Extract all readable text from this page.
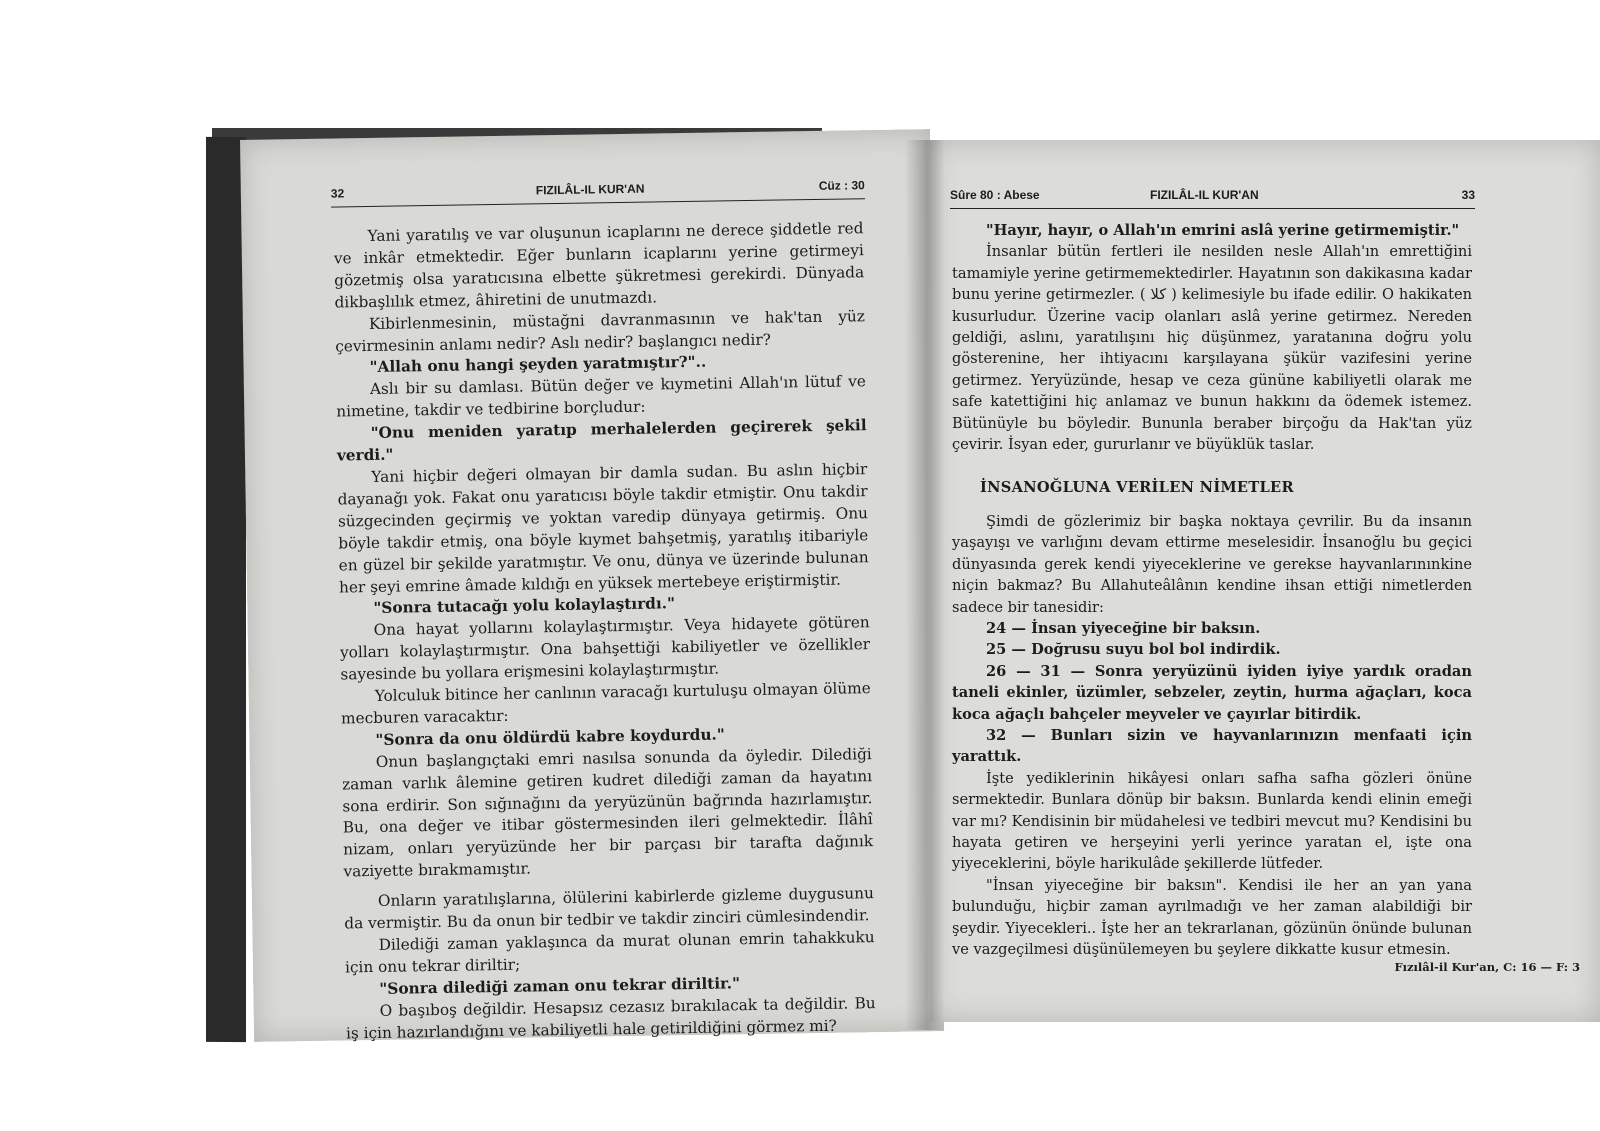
32	FIZILÂL-IL KUR'AN	Cüz : 30

Yani yaratılış ve var oluşunun icaplarını ne derece şiddetle red ve inkâr etmektedir. Eğer bunların icaplarını yerine getirmeyi gözetmiş olsa yaratıcısına elbette şükretmesi gerekirdi. Dünyada dikbaşlılık etmez, âhiretini de unutmazdı.

Kibirlenmesinin, müstağni davranmasının ve hak'tan yüz çevirmesinin anlamı nedir? Aslı nedir? başlangıcı nedir?

"Allah onu hangi şeyden yaratmıştır?"..

Aslı bir su damlası. Bütün değer ve kıymetini Allah'ın lütuf ve nimetine, takdir ve tedbirine borçludur:

"Onu meniden yaratıp merhalelerden geçirerek şekil verdi."

Yani hiçbir değeri olmayan bir damla sudan. Bu aslın hiçbir dayanağı yok. Fakat onu yaratıcısı böyle takdir etmiştir. Onu takdir süzgecinden geçirmiş ve yoktan varedip dünyaya getirmiş. Onu böyle takdir etmiş, ona böyle kıymet bahşetmiş, yaratılış itibariyle en güzel bir şekilde yaratmıştır. Ve onu, dünya ve üzerinde bulunan her şeyi emrine âmade kıldığı en yüksek mertebeye eriştirmiştir.

"Sonra tutacağı yolu kolaylaştırdı."

Ona hayat yollarını kolaylaştırmıştır. Veya hidayete götüren yolları kolaylaştırmıştır. Ona bahşettiği kabiliyetler ve özellikler sayesinde bu yollara erişmesini kolaylaştırmıştır.

Yolculuk bitince her canlının varacağı kurtuluşu olmayan ölüme mecburen varacaktır:

"Sonra da onu öldürdü kabre koydurdu."

Onun başlangıçtaki emri nasılsa sonunda da öyledir. Dilediği zaman varlık âlemine getiren kudret dilediği zaman da hayatını sona erdirir. Son sığınağını da yeryüzünün bağrında hazırlamıştır. Bu, ona değer ve itibar göstermesinden ileri gelmektedir. İlâhî nizam, onları yeryüzünde her bir parçası bir tarafta dağınık vaziyette bırakmamıştır.

Onların yaratılışlarına, ölülerini kabirlerde gizleme duygusunu da vermiştir. Bu da onun bir tedbir ve takdir zinciri cümlesindendir.

Dilediği zaman yaklaşınca da murat olunan emrin tahakkuku için onu tekrar diriltir;

"Sonra dilediği zaman onu tekrar diriltir."

O başıboş değildir. Hesapsız cezasız bırakılacak ta değildir. Bu iş için hazırlandığını ve kabiliyetli hale getirildiğini görmez mi?

Sûre 80 : Abese	FIZILÂL-IL KUR'AN	33

"Hayır, hayır, o Allah'ın emrini aslâ yerine getirmemiştir."

İnsanlar bütün fertleri ile nesilden nesle Allah'ın emrettiğini tamamiyle yerine getirmemektedirler. Hayatının son dakikasına kadar bunu yerine getirmezler. ( كلا ) kelimesiyle bu ifade edilir. O hakikaten kusurludur. Üzerine vacip olanları aslâ yerine getirmez. Nereden geldiği, aslını, yaratılışını hiç düşünmez, yaratanına doğru yolu gösterenine, her ihtiyacını karşılayana şükür vazifesini yerine getirmez. Yeryüzünde, hesap ve ceza gününe kabiliyetli olarak me safe katettiğini hiç anlamaz ve bunun hakkını da ödemek istemez. Bütünüyle bu böyledir. Bununla beraber birçoğu da Hak'tan yüz çevirir. İsyan eder, gururlanır ve büyüklük taslar.

İNSANOĞLUNA VERİLEN NİMETLER

Şimdi de gözlerimiz bir başka noktaya çevrilir. Bu da insanın yaşayışı ve varlığını devam ettirme meselesidir. İnsanoğlu bu geçici dünyasında gerek kendi yiyeceklerine ve gerekse hayvanlarınınkine niçin bakmaz? Bu Allahuteâlânın kendine ihsan ettiği nimetlerden sadece bir tanesidir:

24 — İnsan yiyeceğine bir baksın.

25 — Doğrusu suyu bol bol indirdik.

26 — 31 — Sonra yeryüzünü iyiden iyiye yardık oradan taneli ekinler, üzümler, sebzeler, zeytin, hurma ağaçları, koca koca ağaçlı bahçeler meyveler ve çayırlar bitirdik.

32 — Bunları sizin ve hayvanlarınızın menfaati için yarattık.

İşte yediklerinin hikâyesi onları safha safha gözleri önüne sermektedir. Bunlara dönüp bir baksın. Bunlarda kendi elinin emeği var mı? Kendisinin bir müdahelesi ve tedbiri mevcut mu? Kendisini bu hayata getiren ve herşeyini yerli yerince yaratan el, işte ona yiyeceklerini, böyle harikulâde şekillerde lütfeder.

"İnsan yiyeceğine bir baksın". Kendisi ile her an yan yana bulunduğu, hiçbir zaman ayrılmadığı ve her zaman alabildiği bir şeydir. Yiyecekleri.. İşte her an tekrarlanan, gözünün önünde bulunan ve vazgeçilmesi düşünülemeyen bu şeylere dikkatte kusur etmesin.

Fızılâl-il Kur'an, C: 16 — F: 3
